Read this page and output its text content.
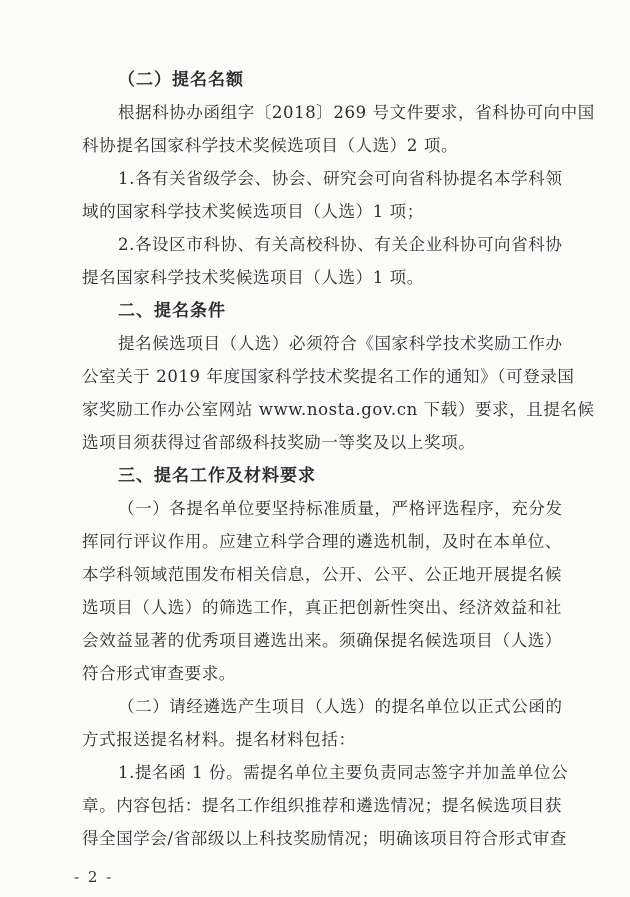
（二）提名名额
根据科协办函组字〔2018〕269 号文件要求，省科协可向中国
科协提名国家科学技术奖候选项目（人选）2 项。
1.各有关省级学会、协会、研究会可向省科协提名本学科领
域的国家科学技术奖候选项目（人选）1 项；
2.各设区市科协、有关高校科协、有关企业科协可向省科协
提名国家科学技术奖候选项目（人选）1 项。
二、提名条件
提名候选项目（人选）必须符合《国家科学技术奖励工作办
公室关于 2019 年度国家科学技术奖提名工作的通知》（可登录国
家奖励工作办公室网站 www.nosta.gov.cn 下载）要求，且提名候
选项目须获得过省部级科技奖励一等奖及以上奖项。
三、提名工作及材料要求
（一）各提名单位要坚持标准质量，严格评选程序，充分发
挥同行评议作用。应建立科学合理的遴选机制，及时在本单位、
本学科领域范围发布相关信息，公开、公平、公正地开展提名候
选项目（人选）的筛选工作，真正把创新性突出、经济效益和社
会效益显著的优秀项目遴选出来。须确保提名候选项目（人选）
符合形式审查要求。
（二）请经遴选产生项目（人选）的提名单位以正式公函的
方式报送提名材料。提名材料包括：
1.提名函 1 份。需提名单位主要负责同志签字并加盖单位公
章。内容包括：提名工作组织推荐和遴选情况；提名候选项目获
得全国学会/省部级以上科技奖励情况；明确该项目符合形式审查
- 2 -
